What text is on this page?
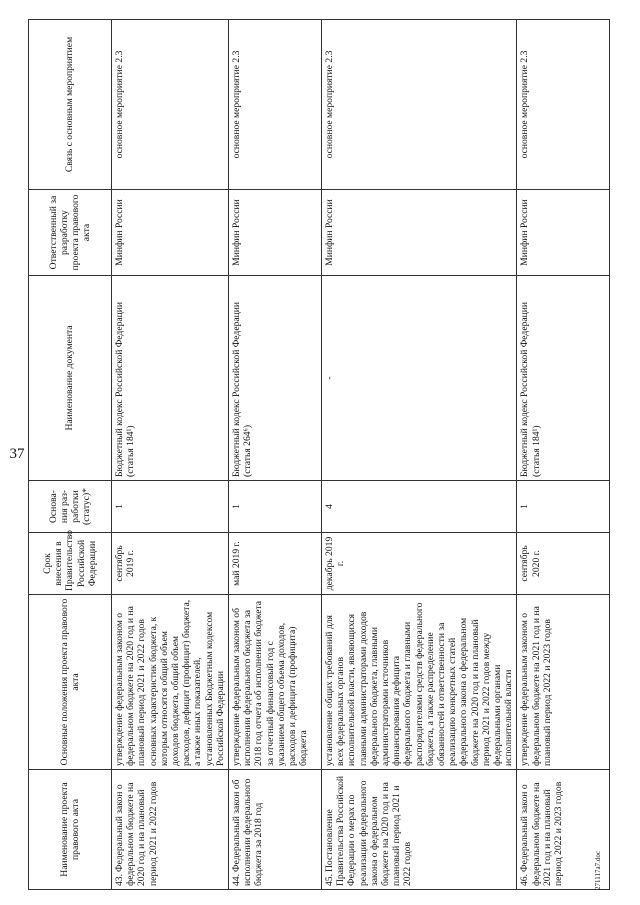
37
Наименование проекта правового акта	Основные положения проекта правового акта	Срок внесения в Правительство Российской Федерации	Основа-ния раз-работки (статус)*	Наименование документа	Ответственный за разработку проекта правового акта	Связь с основным мероприятием
43.Федеральный закон о федеральном бюджете на 2020 год и на плановый период 2021 и 2022 годов	утверждение федеральным законом о федеральном бюджете на 2020 год и на плановый период 2021 и 2022 годов основных характеристик бюджета, к которым относятся общий объем доходов бюджета, общий объем расходов, дефицит (профицит) бюджета, а также иных показателей, установленных Бюджетным кодексом Российской Федерации	сентябрь 2019 г.	1	Бюджетный кодекс Российской Федерации (статья 184¹)	Минфин России	основное мероприятие 2.3
44.Федеральный закон об исполнении федерального бюджета за 2018 год	утверждение федеральным законом об исполнении федерального бюджета за 2018 год отчета об исполнении бюджета за отчетный финансовый год с указанием общего объема доходов, расходов и дефицита (профицита) бюджета	май 2019 г.	1	Бюджетный кодекс Российской Федерации (статья 264⁶)	Минфин России	основное мероприятие 2.3
45.Постановление Правительства Российской Федерации о мерах по реализации федерального закона о федеральном бюджете на 2020 год и на плановый период 2021 и 2022 годов	установление общих требований для всех федеральных органов исполнительной власти, являющихся главными администраторами доходов федерального бюджета, главными администраторами источников финансирования дефицита федерального бюджета и главными распорядителями средств федерального бюджета, а также распределение обязанностей и ответственности за реализацию конкретных статей федерального закона о федеральном бюджете на 2020 год и на плановый период 2021 и 2022 годов между федеральными органами исполнительной власти	декабрь 2019 г.	4	-	Минфин России	основное мероприятие 2.3
46.Федеральный закон о федеральном бюджете на 2021 год и на плановый период 2022 и 2023 годов	утверждение федеральным законом о федеральном бюджете на 2021 год и на плановый период 2022 и 2023 годов	сентябрь 2020 г.	1	Бюджетный кодекс Российской Федерации (статья 184¹)	Минфин России	основное мероприятие 2.3
271117a7.doc
